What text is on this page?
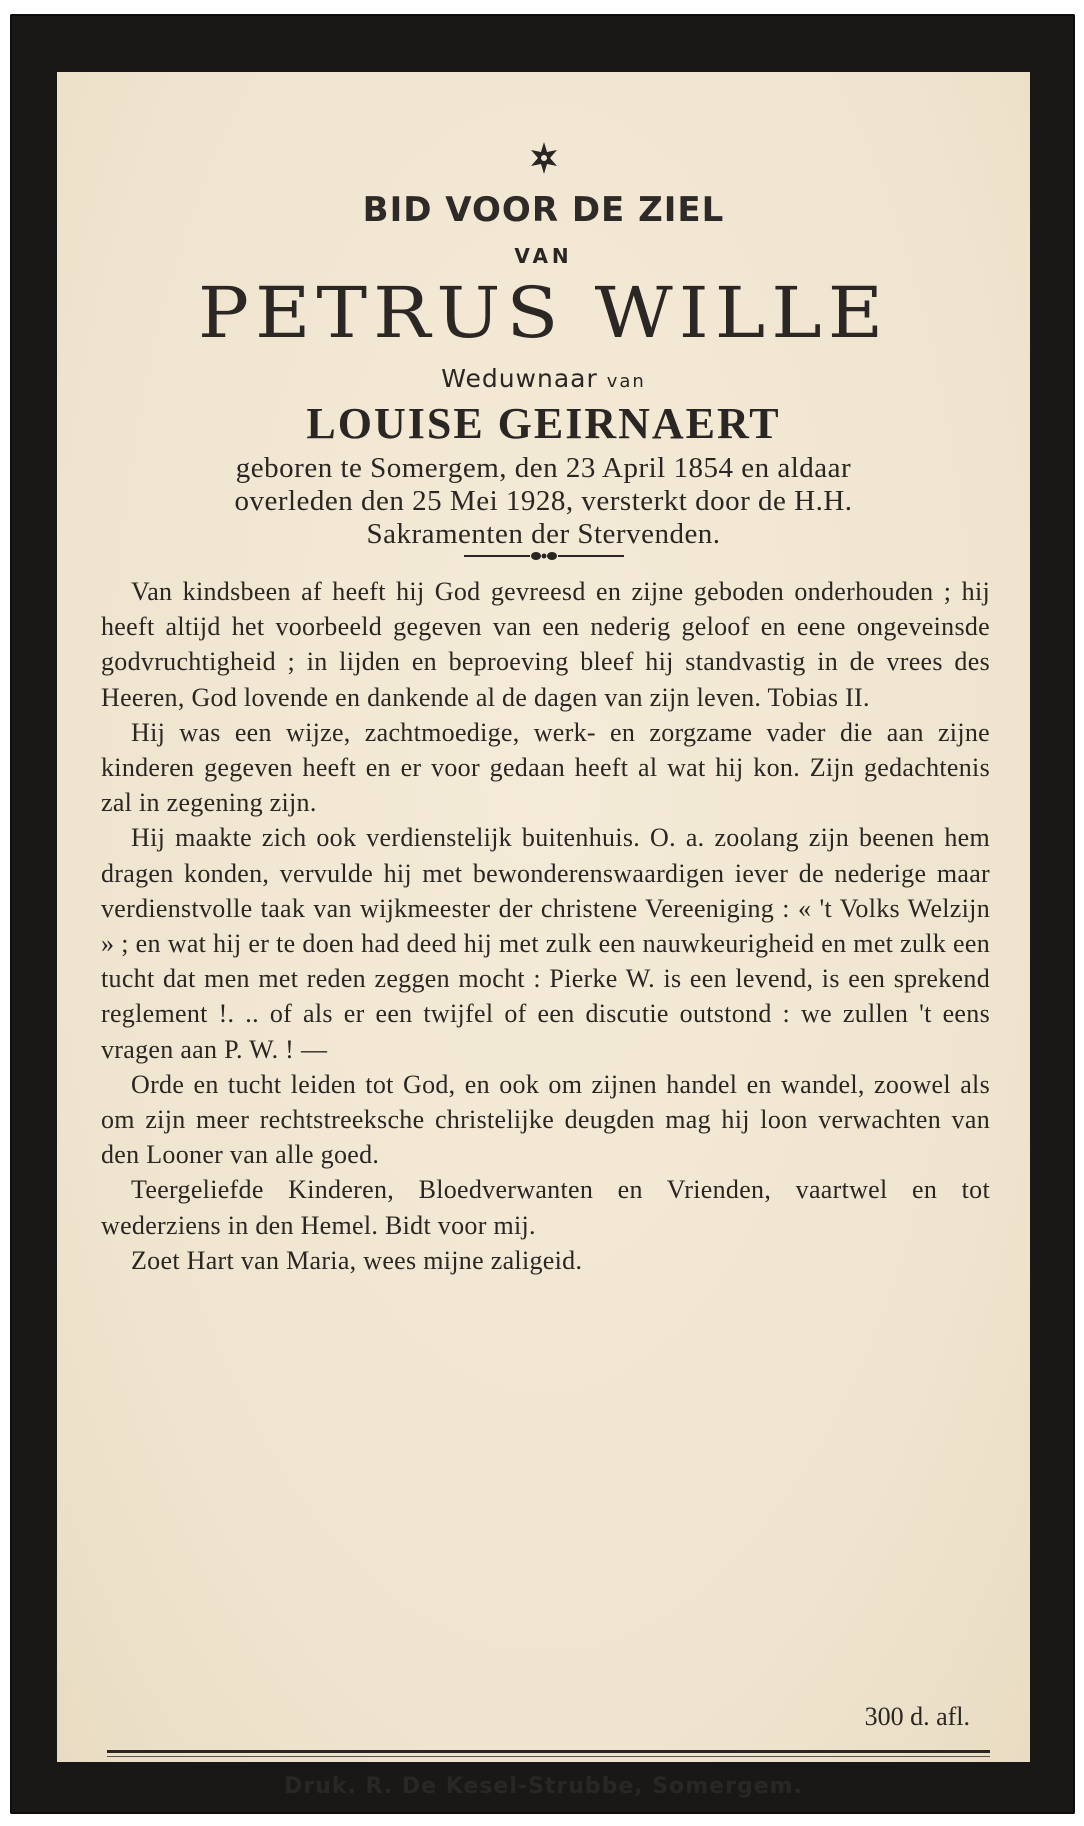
BID VOOR DE ZIEL
VAN
PETRUS WILLE
Weduwnaar van
LOUISE GEIRNAERT
geboren te Somergem, den 23 April 1854 en aldaar
overleden den 25 Mei 1928, versterkt door de H.H.
Sakramenten der Stervenden.

Van kindsbeen af heeft hij God gevreesd en zijne geboden onderhouden ; hij heeft altijd het voorbeeld gegeven van een nederig geloof en eene ongeveinsde godvruchtigheid ; in lijden en beproeving bleef hij standvastig in de vrees des Heeren, God lovende en dankende al de dagen van zijn leven. Tobias II.

Hij was een wijze, zachtmoedige, werk- en zorgzame vader die aan zijne kinderen gegeven heeft en er voor gedaan heeft al wat hij kon. Zijn gedachtenis zal in zegening zijn.

Hij maakte zich ook verdienstelijk buitenhuis. O. a. zoolang zijn beenen hem dragen konden, vervulde hij met bewonderenswaardigen iever de nederige maar verdienstvolle taak van wijkmeester der christene Vereeniging : « 't Volks Welzijn » ; en wat hij er te doen had deed hij met zulk een nauwkeurigheid en met zulk een tucht dat men met reden zeggen mocht : Pierke W. is een levend, is een sprekend reglement !. .. of als er een twijfel of een discutie outstond : we zullen 't eens vragen aan P. W. ! —

Orde en tucht leiden tot God, en ook om zijnen handel en wandel, zoowel als om zijn meer rechtstreeksche christelijke deugden mag hij loon verwachten van den Looner van alle goed.

Teergeliefde Kinderen, Bloedverwanten en Vrienden, vaartwel en tot wederziens in den Hemel. Bidt voor mij.

Zoet Hart van Maria, wees mijne zaligeid.

300 d. afl.
Druk. R. De Kesel-Strubbe, Somergem.
